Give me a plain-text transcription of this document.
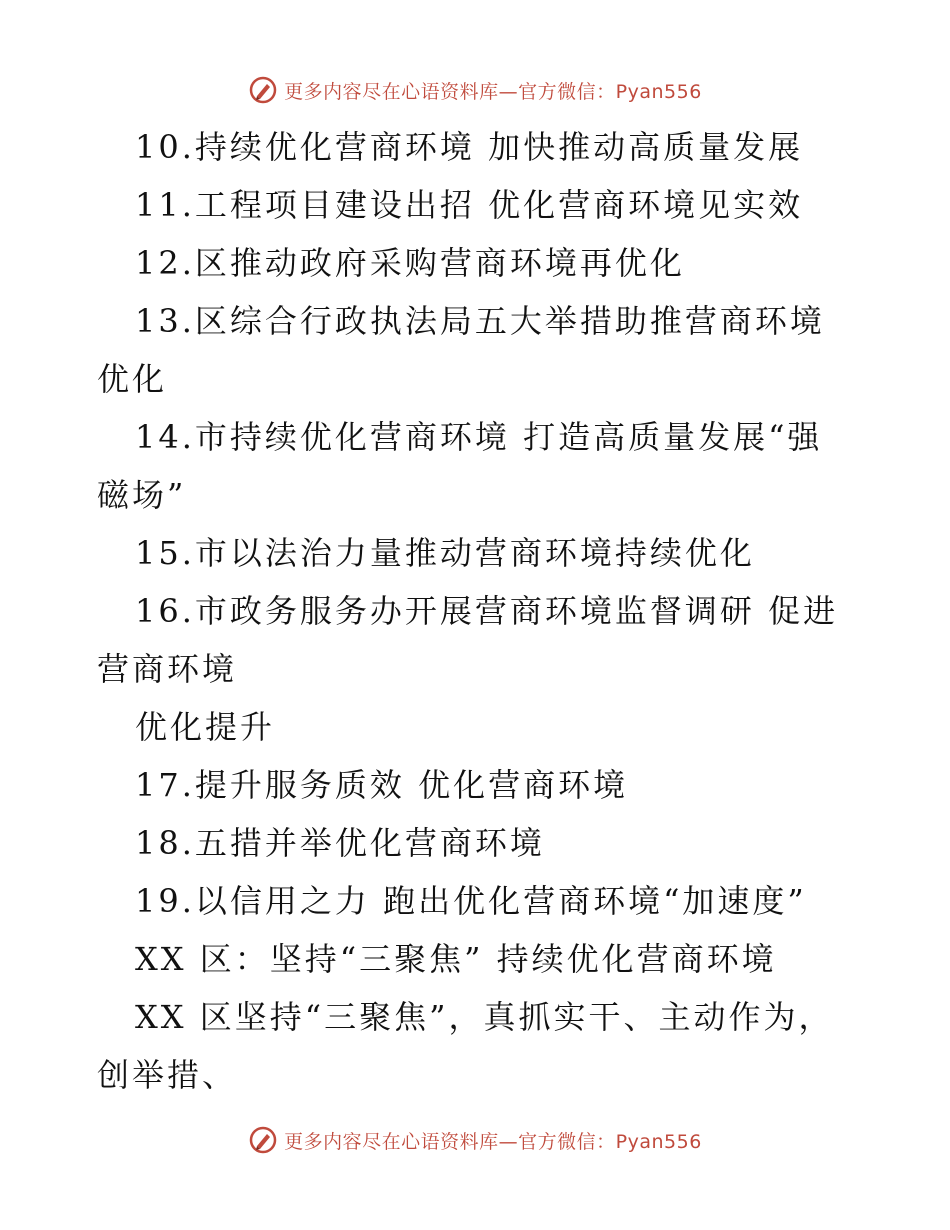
更多内容尽在心语资料库—官方微信：Pyan556

10.持续优化营商环境 加快推动高质量发展

11.工程项目建设出招 优化营商环境见实效

12.区推动政府采购营商环境再优化

13.区综合行政执法局五大举措助推营商环境优化

14.市持续优化营商环境 打造高质量发展“强磁场”

15.市以法治力量推动营商环境持续优化

16.市政务服务办开展营商环境监督调研 促进营商环境

优化提升

17.提升服务质效 优化营商环境

18.五措并举优化营商环境

19.以信用之力 跑出优化营商环境“加速度”

XX 区：坚持“三聚焦” 持续优化营商环境

XX 区坚持“三聚焦”，真抓实干、主动作为，创举措、

更多内容尽在心语资料库—官方微信：Pyan556
